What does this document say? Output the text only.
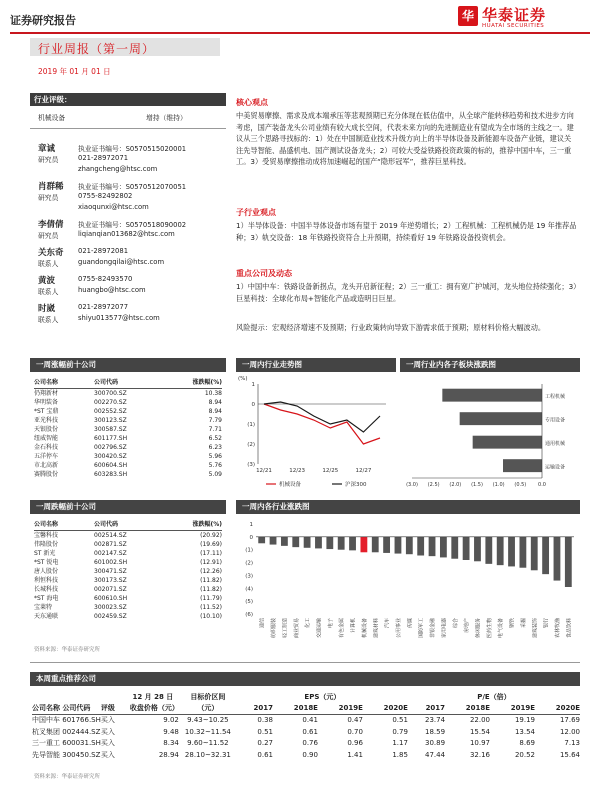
证券研究报告	华 华泰证券
HUATAI SECURITIES
行业周报（第一周）
2019 年 01 月 01 日
行业评级：
机械设备	增持（维持）
章诚
研究员
执业证书编号：S0570515020001
021-28972071
zhangcheng@htsc.com
肖群稀
研究员
执业证书编号：S0570512070051
0755-82492802
xiaoqunxi@htsc.com
李倩倩
研究员
执业证书编号：S0570518090002
liqianqian013682@htsc.com
关东奇
联系人
021-28972081
guandongqilai@htsc.com
黄波
联系人
0755-82493570
huangbo@htsc.com
时崴
联系人
021-28972077
shiyu013577@htsc.com
核心观点
中美贸易摩擦、需求及成本端承压等悲观预期已充分体现在低估值中，从全球产能转移趋势和技术进步方向考虑，国产装备龙头公司业绩有较大成长空间，代表未来方向的先进制造业有望成为全市场的主线之一。建议从三个思路寻找标的：1）处在中国制造业技术升级方向上的半导体设备及新能源车设备产业链，建议关注先导智能、晶盛机电、国产测试设备龙头；2）可较大受益铁路投资政策的标的，推荐中国中车，三一重工。3）受贸易摩擦推动成将加速崛起的国产“隐形冠军”，推荐巨星科技。
子行业观点
1）半导体设备：中国半导体设备市场有望于 2019 年逆势增长；2）工程机械：工程机械仍是 19 年推荐品种；3）轨交设备：18 年铁路投资符合上升预期，持续看好 19 年铁路设备投资机会。
重点公司及动态
1）中国中车：铁路设备新拐点，龙头开启新征程；2）三一重工：拥有宽广护城河，龙头地位持续强化；3）巨星科技：全球化布局+智能化产品或造明日巨星。
风险提示：宏观经济增速不及预期；行业政策转向导致下游需求低于预期；原材料价格大幅波动。
一周涨幅前十公司
公司名称	公司代码	涨跌幅(%)
仍翔新材	300700.SZ	10.38
华明装备	002270.SZ	8.94
*ST 宝鼎	002552.SZ	8.94
亚光科技	300123.SZ	7.79
天银股份	300587.SZ	7.71
纽威智能	601177.SH	6.52
金石科技	002796.SZ	6.23
五洋停车	300420.SZ	5.96
市北高新	600604.SH	5.76
赛腾股份	603283.SH	5.09
一周跌幅前十公司
公司名称	公司代码	涨跌幅(%)
宝馨科技	002514.SZ	(20.92)
伟隆股份	002871.SZ	(19.69)
ST 新光	002147.SZ	(17.11)
*ST 锐电	601002.SH	(12.91)
唐人股份	300471.SZ	(12.26)
利恒科技	300173.SZ	(11.82)
长城科技	002071.SZ	(11.82)
*ST 海电	600610.SH	(11.79)
宝莱特	300023.SZ	(11.52)
天东通联	002459.SZ	(10.10)
资料来源：华泰证券研究所
一周内行业走势图
(%)
1
0
(1)
(2)
(3)
12/21	12/23	12/25	12/27
机械设备	沪深300
一周行业内各子板块涨跌图
工程机械
专用设备
通用机械
运输设备
(3.0) (2.5) (2.0) (1.5) (1.0) (0.5) 0.0
一周内各行业涨跌图
1
0
(1)
(2)
(3)
(4)
(5)
(6)
通信 纺织服装 轻工制造 商业贸易 化工 交通运输 电子 有色金属 计算机 机械设备 建筑材料 汽车 公用事业 传媒 国防军工 非银金融 家用电器 综合 房地产 休闲服务 医药生物 电气设备 钢铁 采掘 建筑装饰 银行 农林牧渔 食品饮料
本周重点推荐公司
		12 月 28 日	目标价区间	EPS（元）				P/E（倍）			
公司名称 公司代码	评级	收盘价格（元）	（元）	2017	2018E	2019E	2020E	2017	2018E	2019E	2020E
中国中车 601766.SH	买入	9.02	9.43~10.25	0.38	0.41	0.47	0.51	23.74	22.00	19.19	17.69
杭叉集团 002444.SZ	买入	9.48	10.32~11.54	0.51	0.61	0.70	0.79	18.59	15.54	13.54	12.00
三一重工 600031.SH	买入	8.34	9.60~11.52	0.27	0.76	0.96	1.17	30.89	10.97	8.69	7.13
先导智能 300450.SZ	买入	28.94	28.10~32.31	0.61	0.90	1.41	1.85	47.44	32.16	20.52	15.64
资料来源：华泰证券研究所
